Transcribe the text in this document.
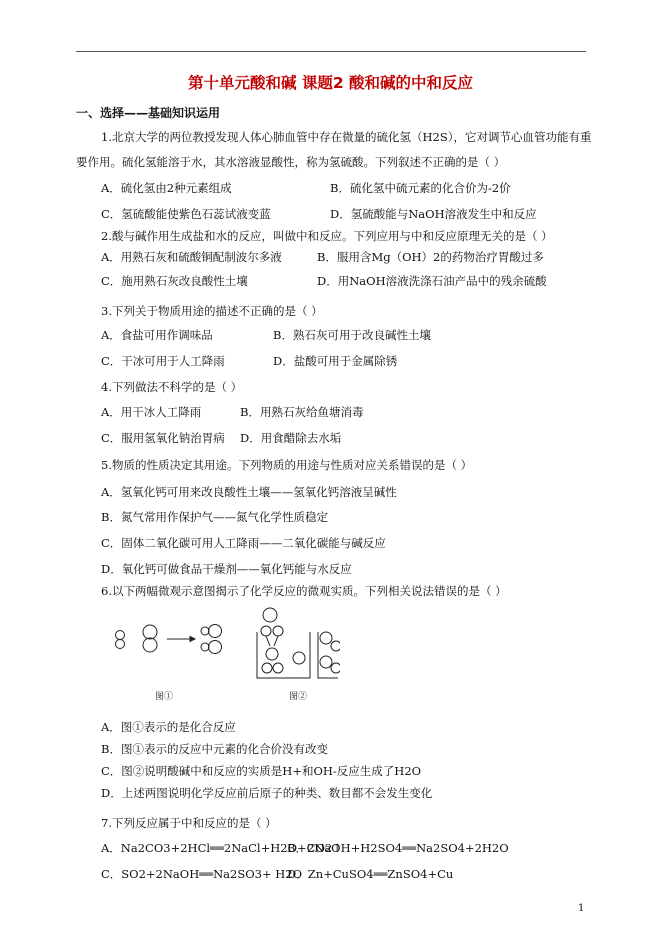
第十单元酸和碱 课题2 酸和碱的中和反应
一、选择——基础知识运用
1.北京大学的两位教授发现人体心肺血管中存在微量的硫化氢（H2S），它对调节心血管功能有重
要作用。硫化氢能溶于水，其水溶液显酸性，称为氢硫酸。下列叙述不正确的是（ ）
A．硫化氢由2种元素组成	B．硫化氢中硫元素的化合价为-2价
C．氢硫酸能使紫色石蕊试液变蓝	D．氢硫酸能与NaOH溶液发生中和反应
2.酸与碱作用生成盐和水的反应，叫做中和反应。下列应用与中和反应原理无关的是（ ）
A．用熟石灰和硫酸铜配制波尔多液	B．服用含Mg（OH）2的药物治疗胃酸过多
C．施用熟石灰改良酸性土壤	D．用NaOH溶液洗涤石油产品中的残余硫酸
3.下列关于物质用途的描述不正确的是（ ）
A．食盐可用作调味品	B．熟石灰可用于改良碱性土壤
C．干冰可用于人工降雨	D．盐酸可用于金属除锈
4.下列做法不科学的是（ ）
A．用干冰人工降雨	B．用熟石灰给鱼塘消毒
C．服用氢氧化钠治胃病 D．用食醋除去水垢
5.物质的性质决定其用途。下列物质的用途与性质对应关系错误的是（ ）
A．氢氧化钙可用来改良酸性土壤——氢氧化钙溶液呈碱性
B．氮气常用作保护气——氮气化学性质稳定
C．固体二氧化碳可用人工降雨——二氧化碳能与碱反应
D．氧化钙可做食品干燥剂——氧化钙能与水反应
6.以下两幅微观示意图揭示了化学反应的微观实质。下列相关说法错误的是（ ）
图①	图②
A．图①表示的是化合反应
B．图①表示的反应中元素的化合价没有改变
C．图②说明酸碱中和反应的实质是H+和OH-反应生成了H2O
D．上述两图说明化学反应前后原子的种类、数目都不会发生变化
7.下列反应属于中和反应的是（ ）
A．Na2CO3+2HCl══2NaCl+H2O+CO2↑
B．2NaOH+H2SO4══Na2SO4+2H2O
C．SO2+2NaOH══Na2SO3+ H2O
D．Zn+CuSO4══ZnSO4+Cu
1
